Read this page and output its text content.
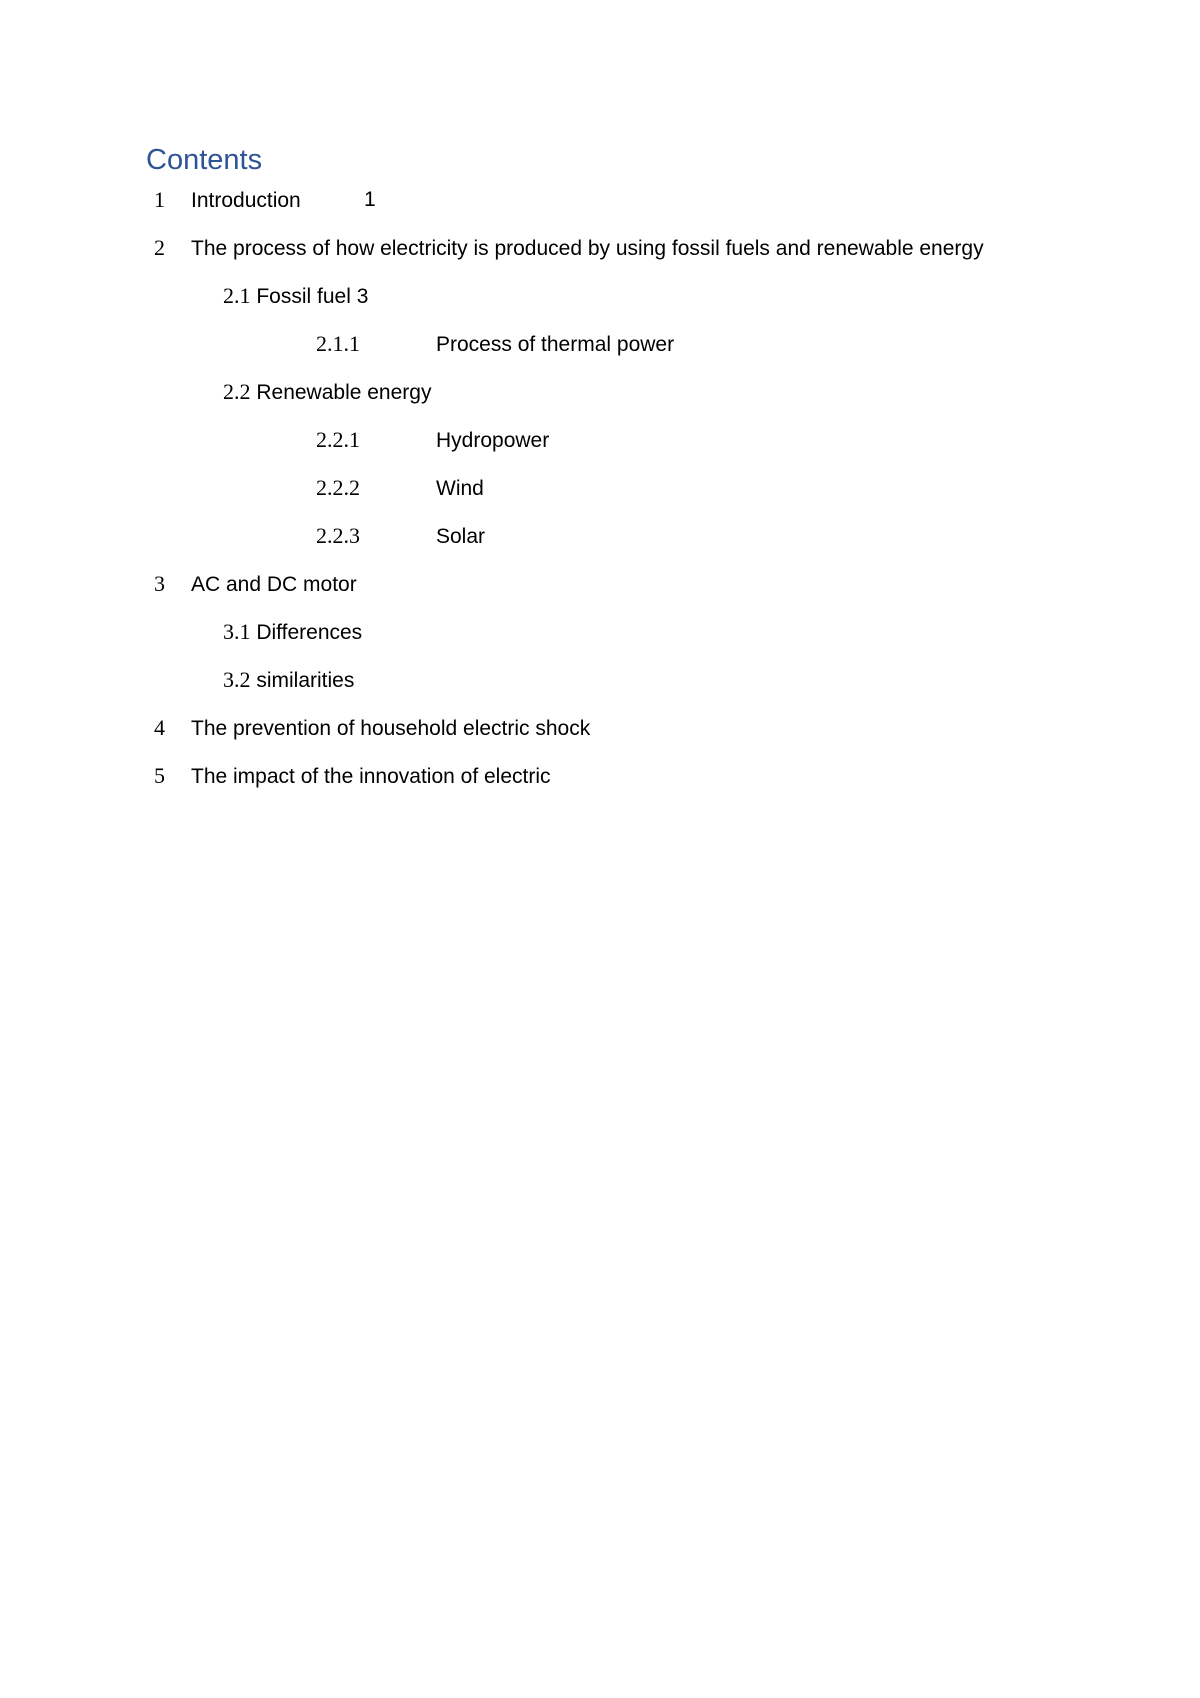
Contents
1 Introduction	1
2 The process of how electricity is produced by using fossil fuels and renewable energy
2.1 Fossil fuel 3
2.1.1	Process of thermal power
2.2 Renewable energy
2.2.1	Hydropower
2.2.2	Wind
2.2.3	Solar
3 AC and DC motor
3.1 Differences
3.2 similarities
4 The prevention of household electric shock
5 The impact of the innovation of electric
